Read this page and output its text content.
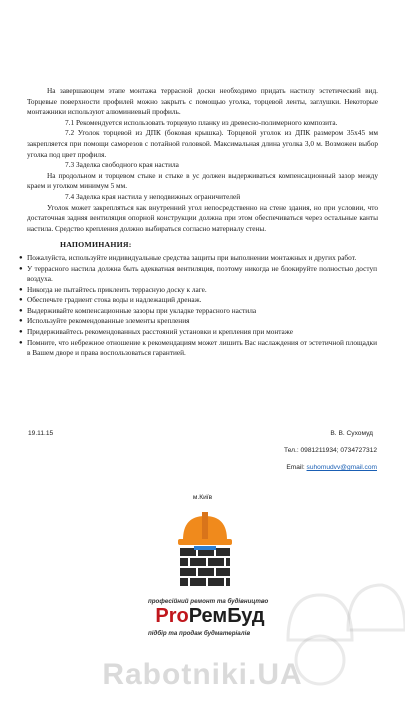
На завершающем этапе монтажа террасной доски необходимо придать настилу эстетический вид. Торцевые поверхности профилей можно закрыть с помощью уголка, торцевой ленты, заглушки. Некоторые монтажники используют алюминиевый профиль.

7.1 Рекомендуется использовать торцевую планку из древесно-полимерного композита.

7.2 Уголок торцевой из ДПК (боковая крышка). Торцевой уголок из ДПК размером 35х45 мм закрепляется при помощи саморезов с потайной головкой. Максимальная длина уголка 3,0 м. Возможен выбор уголка под цвет профиля.

7.3 Заделка свободного края настила

На продольном и торцевом стыке и стыке в ус должен выдерживаться компенсационный зазор между краем и уголком минимум 5 мм.

7.4 Заделка края настила у неподвижных ограничителей

Уголок может закрепляться как внутренний угол непосредственно на стене здания, но при условии, что достаточная задняя вентиляция опорной конструкции должна при этом обеспечиваться через остальные канты настила. Средство крепления должно выбираться согласно материалу стены.

НАПОМИНАНИЯ:
● Пожалуйста, используйте индивидуальные средства защиты при выполнении монтажных и других работ.
● У террасного настила должна быть адекватная вентиляция, поэтому никогда не блокируйте полностью доступ воздуха.
● Никогда не пытайтесь приклеить террасную доску к лаге.
● Обеспечьте градиент стока воды и надлежащий дренаж.
● Выдерживайте компенсационные зазоры при укладке террасного настила
● Используйте рекомендованные элементы крепления
● Придерживайтесь рекомендованных расстояний установки и крепления при монтаже
● Помните, что небрежное отношение к рекомендациям может лишить Вас наслаждения от эстетичной площадки в Вашем дворе и права воспользоваться гарантией.
19.11.15	В. В. Сухомуд
Тел.: 0981211934; 0734727312
Email: suhomudvv@gmail.com
м.Київ
професійний ремонт та будівництво
ProРемБуд
підбір та продаж будматеріалів
Rabotniki.UA
